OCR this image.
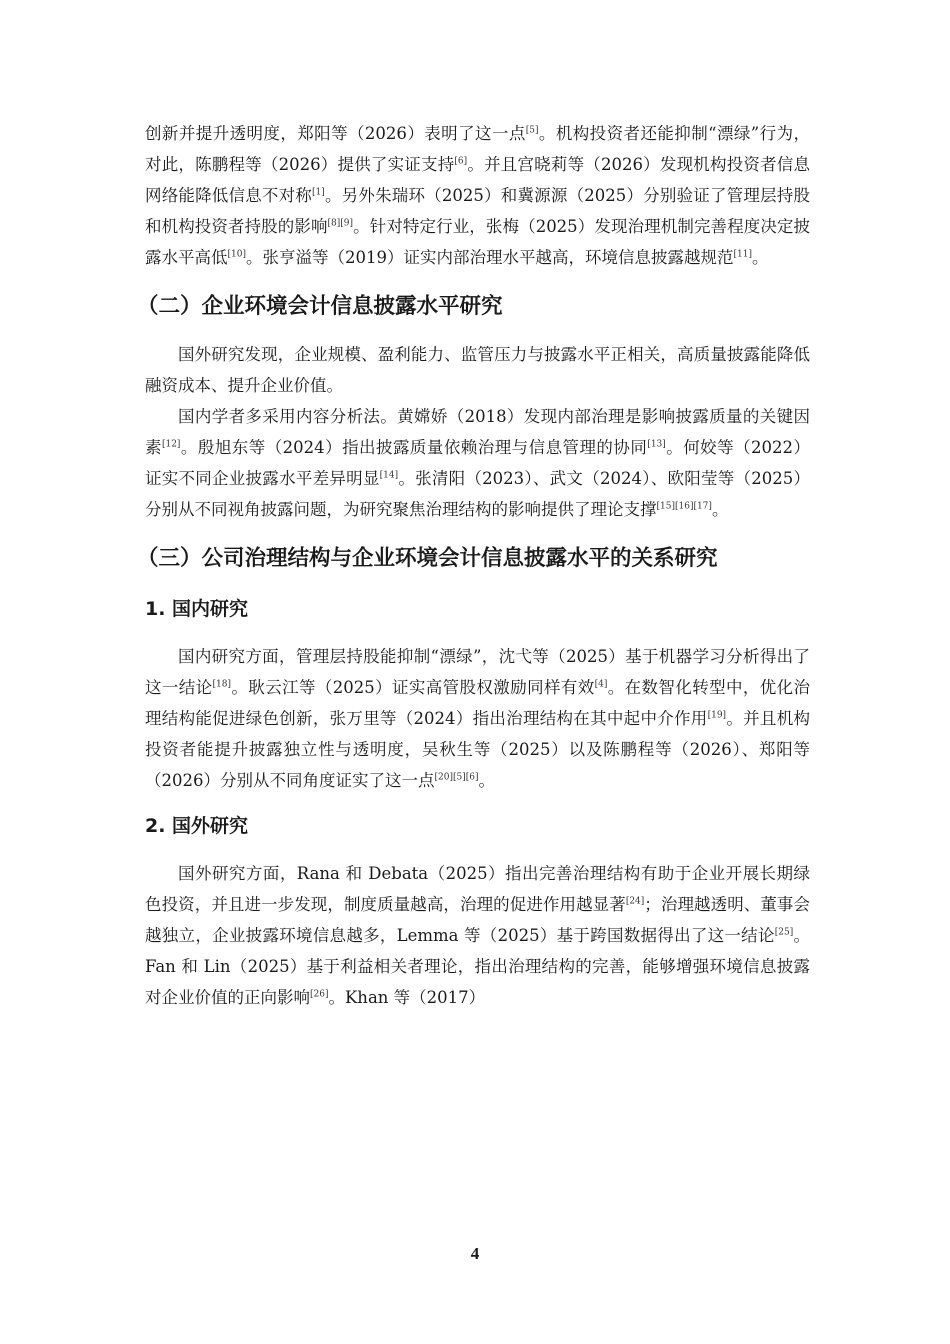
创新并提升透明度，郑阳等（2026）表明了这一点[5]。机构投资者还能抑制“漂绿”行为，对此，陈鹏程等（2026）提供了实证支持[6]。并且宫晓莉等（2026）发现机构投资者信息网络能降低信息不对称[1]。另外朱瑞环（2025）和冀源源（2025）分别验证了管理层持股和机构投资者持股的影响[8][9]。针对特定行业，张梅（2025）发现治理机制完善程度决定披露水平高低[10]。张亨溢等（2019）证实内部治理水平越高，环境信息披露越规范[11]。

（二）企业环境会计信息披露水平研究

国外研究发现，企业规模、盈利能力、监管压力与披露水平正相关，高质量披露能降低融资成本、提升企业价值。

国内学者多采用内容分析法。黄嫦娇（2018）发现内部治理是影响披露质量的关键因素[12]。殷旭东等（2024）指出披露质量依赖治理与信息管理的协同[13]。何姣等（2022）证实不同企业披露水平差异明显[14]。张清阳（2023）、武文（2024）、欧阳莹等（2025）分别从不同视角披露问题，为研究聚焦治理结构的影响提供了理论支撑[15][16][17]。

（三）公司治理结构与企业环境会计信息披露水平的关系研究
1. 国内研究

国内研究方面，管理层持股能抑制“漂绿”，沈弋等（2025）基于机器学习分析得出了这一结论[18]。耿云江等（2025）证实高管股权激励同样有效[4]。在数智化转型中，优化治理结构能促进绿色创新，张万里等（2024）指出治理结构在其中起中介作用[19]。并且机构投资者能提升披露独立性与透明度，吴秋生等（2025）以及陈鹏程等（2026）、郑阳等（2026）分别从不同角度证实了这一点[20][5][6]。

2. 国外研究

国外研究方面，Rana 和 Debata（2025）指出完善治理结构有助于企业开展长期绿色投资，并且进一步发现，制度质量越高，治理的促进作用越显著[24]；治理越透明、董事会越独立，企业披露环境信息越多，Lemma 等（2025）基于跨国数据得出了这一结论[25]。Fan 和 Lin（2025）基于利益相关者理论，指出治理结构的完善，能够增强环境信息披露对企业价值的正向影响[26]。Khan 等（2017）

4
